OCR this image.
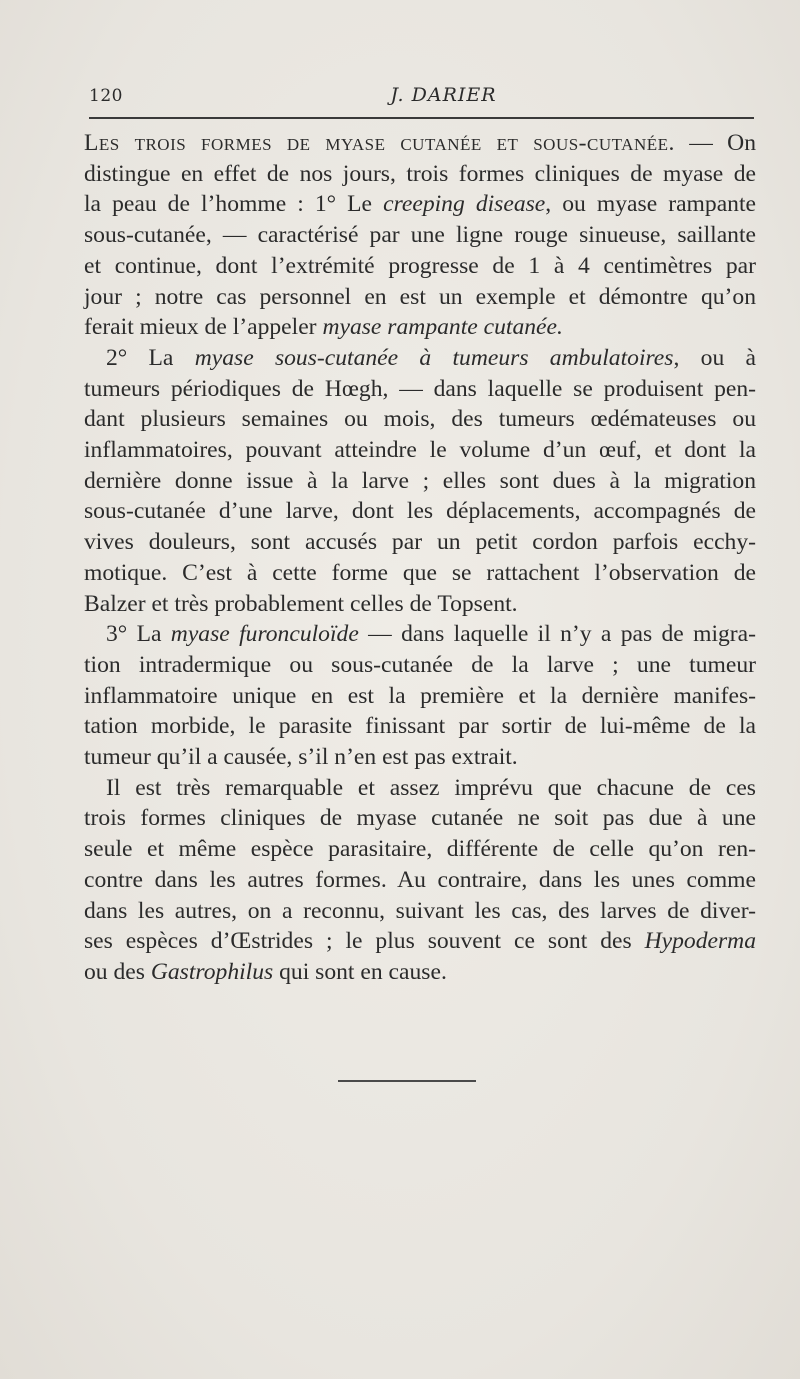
120	J. DARIER
Les trois formes de myase cutanée et sous-cutanée. — On
distingue en effet de nos jours, trois formes cliniques de myase de
la peau de l’homme : 1° Le creeping disease, ou myase rampante
sous-cutanée, — caractérisé par une ligne rouge sinueuse, saillante
et continue, dont l’extrémité progresse de 1 à 4 centimètres par
jour ; notre cas personnel en est un exemple et démontre qu’on
ferait mieux de l’appeler myase rampante cutanée.
2° La myase sous-cutanée à tumeurs ambulatoires, ou à
tumeurs périodiques de Hœgh, — dans laquelle se produisent pen-
dant plusieurs semaines ou mois, des tumeurs œdémateuses ou
inflammatoires, pouvant atteindre le volume d’un œuf, et dont la
dernière donne issue à la larve ; elles sont dues à la migration
sous-cutanée d’une larve, dont les déplacements, accompagnés de
vives douleurs, sont accusés par un petit cordon parfois ecchy-
motique. C’est à cette forme que se rattachent l’observation de
Balzer et très probablement celles de Topsent.
3° La myase furonculoïde — dans laquelle il n’y a pas de migra-
tion intradermique ou sous-cutanée de la larve ; une tumeur
inflammatoire unique en est la première et la dernière manifes-
tation morbide, le parasite finissant par sortir de lui-même de la
tumeur qu’il a causée, s’il n’en est pas extrait.
Il est très remarquable et assez imprévu que chacune de ces
trois formes cliniques de myase cutanée ne soit pas due à une
seule et même espèce parasitaire, différente de celle qu’on ren-
contre dans les autres formes. Au contraire, dans les unes comme
dans les autres, on a reconnu, suivant les cas, des larves de diver-
ses espèces d’Œstrides ; le plus souvent ce sont des Hypoderma
ou des Gastrophilus qui sont en cause.
